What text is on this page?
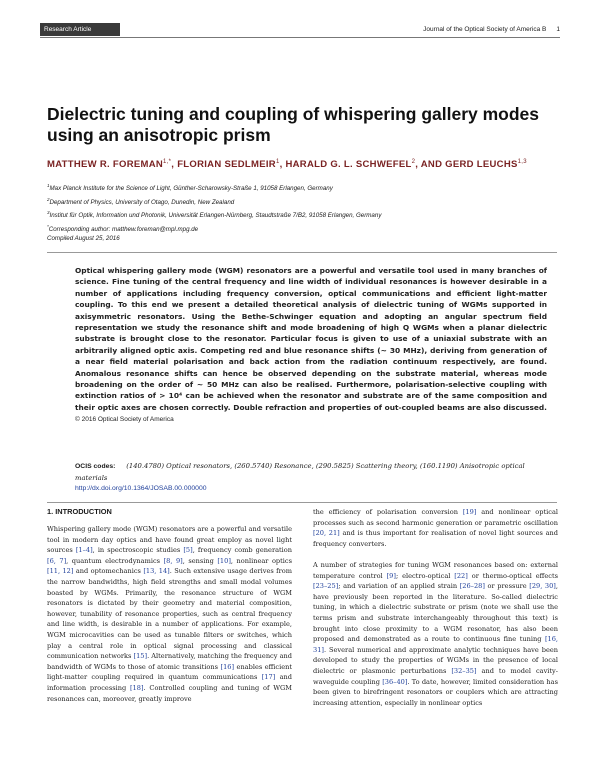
Research Article	Journal of the Optical Society of America B 1
Dielectric tuning and coupling of whispering gallery modes using an anisotropic prism
MATTHEW R. $FOREMAN^{1,*}$, FLORIAN SEDLMEIR$^1$, HARALD G. L. SCHWEFEL$^2$, AND GERD LEUCHS$^{1,3}$
$^1$Max Planck Institute for the Science of Light, Günther-Scharowsky-Straße 1, 91058 Erlangen, Germany
$^2$Department of Physics, University of Otago, Dunedin, New Zealand
$^3$Institut für Optik, Information und Photonik, Universität Erlangen-Nürnberg, Staudtstraße 7/B2, 91058 Erlangen, Germany
*Corresponding author: matthew.foreman@mpl.mpg.de
Compiled August 25, 2016
Optical whispering gallery mode (WGM) resonators are a powerful and versatile tool used in many branches of science. Fine tuning of the central frequency and line width of individual resonances is however desirable in a number of applications including frequency conversion, optical communications and efficient light-matter coupling. To this end we present a detailed theoretical analysis of dielectric tuning of WGMs supported in axisymmetric resonators. Using the Bethe-Schwinger equation and adopting an angular spectrum field representation we study the resonance shift and mode broadening of high Q WGMs when a planar dielectric substrate is brought close to the resonator. Particular focus is given to use of a uniaxial substrate with an arbitrarily aligned optic axis. Competing red and blue resonance shifts (∼ 30 MHz), deriving from generation of a near field material polarisation and back action from the radiation continuum respectively, are found. Anomalous resonance shifts can hence be observed depending on the substrate material, whereas mode broadening on the order of ∼ 50 MHz can also be realised. Furthermore, polarisation-selective coupling with extinction ratios of > 10⁴ can be achieved when the resonator and substrate are of the same composition and their optic axes are chosen correctly. Double refraction and properties of out-coupled beams are also discussed. © 2016 Optical Society of America
OCIS codes: (140.4780) Optical resonators, (260.5740) Resonance, (290.5825) Scattering theory, (160.1190) Anisotropic optical materials
http://dx.doi.org/10.1364/JOSAB.00.000000
1. INTRODUCTION

Whispering gallery mode (WGM) resonators are a powerful and versatile tool in modern day optics and have found great employ as novel light sources [1–4], in spectroscopic studies [5], frequency comb generation [6, 7], quantum electrodynamics [8, 9], sensing [10], nonlinear optics [11, 12] and optomechanics [13, 14]. Such extensive usage derives from the narrow bandwidths, high field strengths and small modal volumes boasted by WGMs. Primarily, the resonance structure of WGM resonators is dictated by their geometry and material composition, however, tunability of resonance properties, such as central frequency and line width, is desirable in a number of applications. For example, WGM microcavities can be used as tunable filters or switches, which play a central role in optical signal processing and classical communication networks [15]. Alternatively, matching the frequency and bandwidth of WGMs to those of atomic transitions [16] enables efficient light-matter coupling required in quantum communications [17] and information processing [18]. Controlled coupling and tuning of WGM resonances can, moreover, greatly improve

the efficiency of polarisation conversion [19] and nonlinear optical processes such as second harmonic generation or parametric oscillation [20, 21] and is thus important for realisation of novel light sources and frequency converters.

A number of strategies for tuning WGM resonances based on: external temperature control [9]; electro-optical [22] or thermo-optical effects [23–25]; and variation of an applied strain [26–28] or pressure [29, 30], have previously been reported in the literature. So-called dielectric tuning, in which a dielectric substrate or prism (note we shall use the terms prism and substrate interchangeably throughout this text) is brought into close proximity to a WGM resonator, has also been proposed and demonstrated as a route to continuous fine tuning [16, 31]. Several numerical and approximate analytic techniques have been developed to study the properties of WGMs in the presence of local dielectric or plasmonic perturbations [32–35] and to model cavity-waveguide coupling [36–40]. To date, however, limited consideration has been given to birefringent resonators or couplers which are attracting increasing attention, especially in nonlinear optics
